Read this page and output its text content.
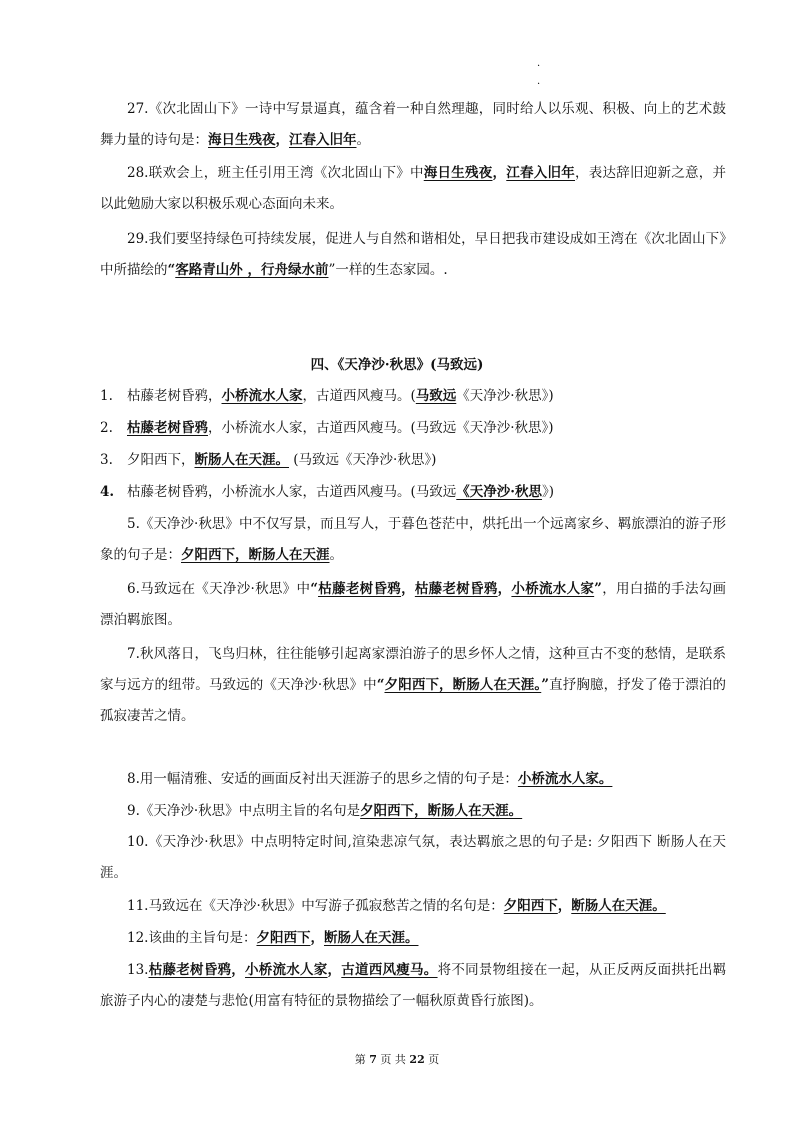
·
·
27.《次北固山下》一诗中写景逼真，蕴含着一种自然理趣，同时给人以乐观、积极、向上的艺术鼓舞力量的诗句是：海日生残夜，江春入旧年。
28.联欢会上，班主任引用王湾《次北固山下》中海日生残夜，江春入旧年，表达辞旧迎新之意，并以此勉励大家以积极乐观心态面向未来。
29.我们要坚持绿色可持续发展，促进人与自然和谐相处，早日把我市建设成如王湾在《次北固山下》中所描绘的“客路青山外 ，行舟绿水前”一样的生态家园。.
四、《天净沙·秋思》(马致远)
1. 枯藤老树昏鸦，小桥流水人家，古道西风瘦马。(马致远《天净沙·秋思》)
2. 枯藤老树昏鸦，小桥流水人家，古道西风瘦马。(马致远《天净沙·秋思》)
3. 夕阳西下，断肠人在天涯。 (马致远《天净沙·秋思》)
4. 枯藤老树昏鸦，小桥流水人家，古道西风瘦马。(马致远《天净沙·秋思》)
5.《天净沙·秋思》中不仅写景，而且写人，于暮色苍茫中，烘托出一个远离家乡、羁旅漂泊的游子形象的句子是：夕阳西下，断肠人在天涯。
6.马致远在《天净沙·秋思》中“枯藤老树昏鸦，枯藤老树昏鸦，小桥流水人家”，用白描的手法勾画漂泊羁旅图。
7.秋风落日，飞鸟归林，往往能够引起离家漂泊游子的思乡怀人之情，这种亘古不变的愁情，是联系家与远方的纽带。马致远的《天净沙·秋思》中“夕阳西下，断肠人在天涯。”直抒胸臆，抒发了倦于漂泊的孤寂凄苦之情。
8.用一幅清雅、安适的画面反衬出天涯游子的思乡之情的句子是：小桥流水人家。
9.《天净沙·秋思》中点明主旨的名句是夕阳西下，断肠人在天涯。
10.《天净沙·秋思》中点明特定时间,渲染悲凉气氛，表达羁旅之思的句子是: 夕阳西下 断肠人在天涯。
11.马致远在《天净沙·秋思》中写游子孤寂愁苦之情的名句是：夕阳西下，断肠人在天涯。
12.该曲的主旨句是：夕阳西下，断肠人在天涯。
13.枯藤老树昏鸦，小桥流水人家，古道西风瘦马。将不同景物组接在一起，从正反两反面拱托出羁旅游子内心的凄楚与悲怆(用富有特征的景物描绘了一幅秋原黄昏行旅图)。
第 7 页 共 22 页
